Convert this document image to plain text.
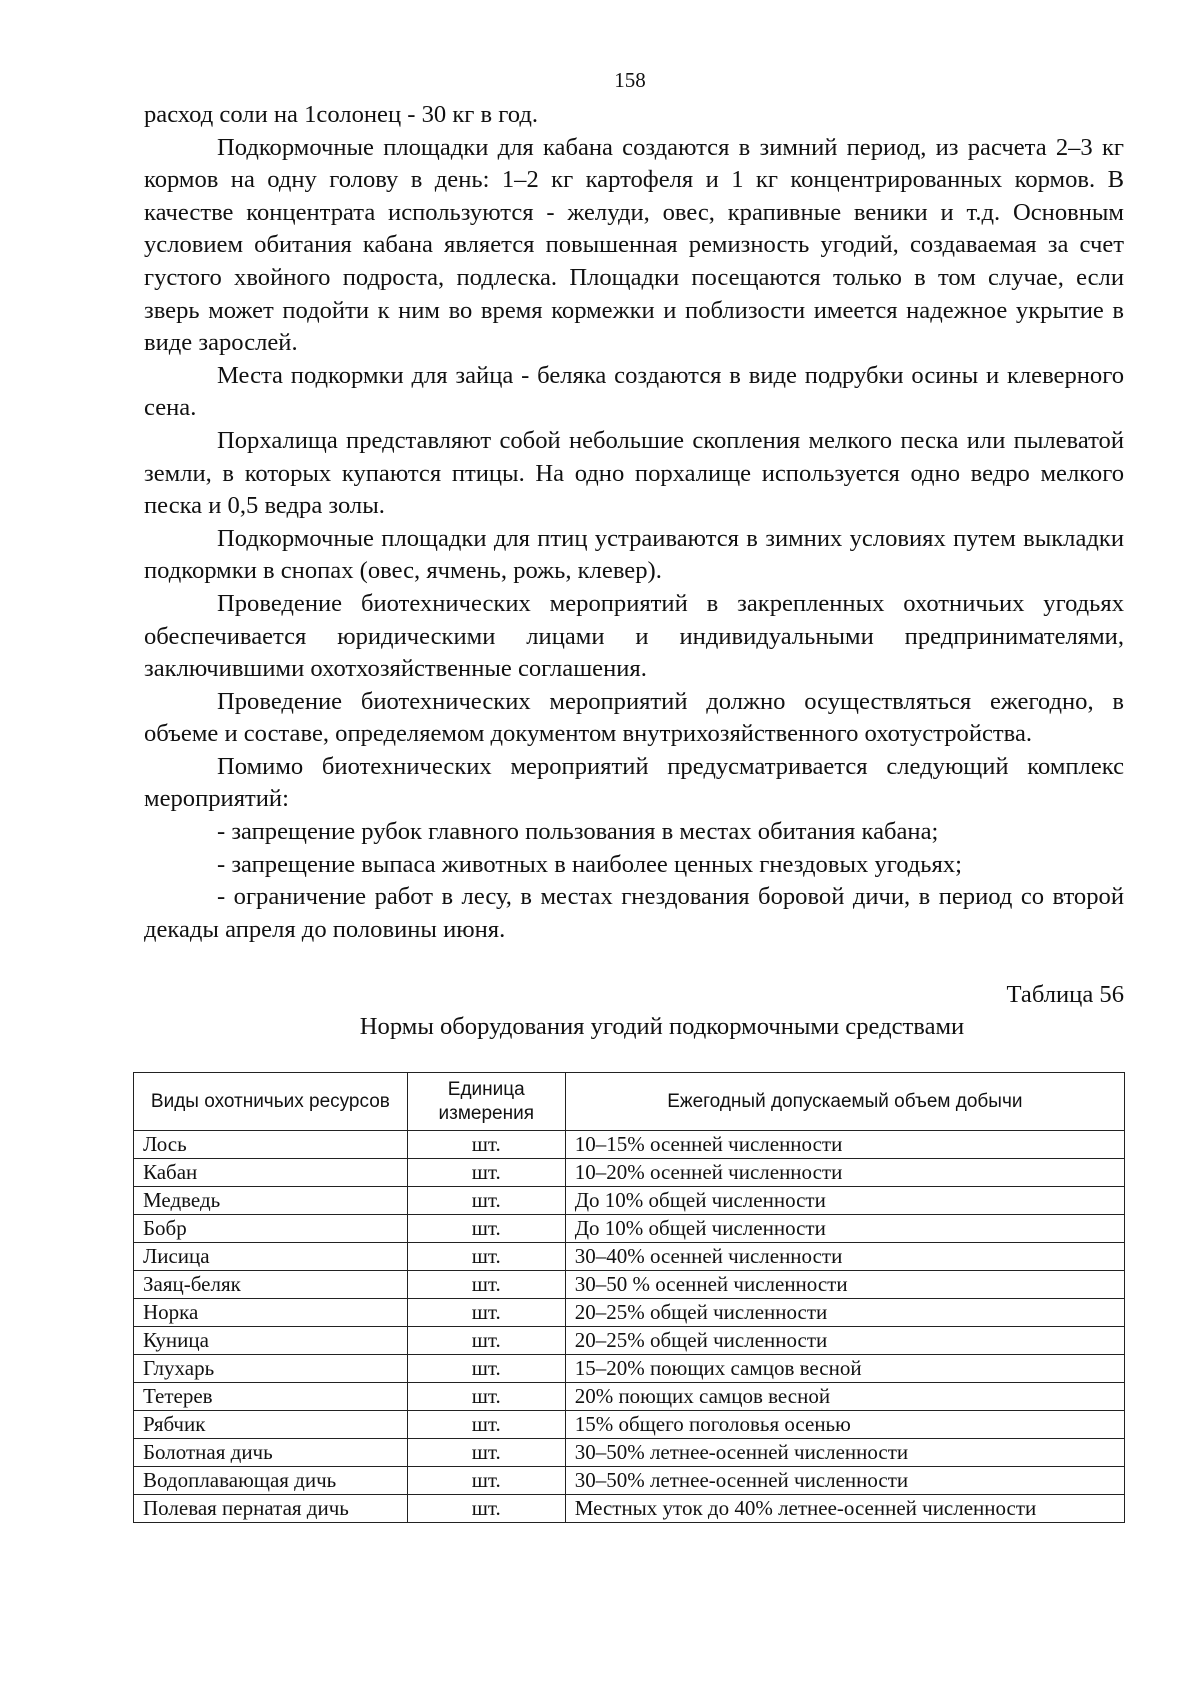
158

расход соли на 1солонец - 30 кг в год.

Подкормочные площадки для кабана создаются в зимний период, из расчета 2–3 кг кормов на одну голову в день: 1–2 кг картофеля и 1 кг концентрированных кормов. В качестве концентрата используются - желуди, овес, крапивные веники и т.д. Основным условием обитания кабана является повышенная ремизность угодий, создаваемая за счет густого хвойного подроста, подлеска. Площадки посещаются только в том случае, если зверь может подойти к ним во время кормежки и поблизости имеется надежное укрытие в виде зарослей.

Места подкормки для зайца - беляка создаются в виде подрубки осины и клеверного сена.

Порхалища представляют собой небольшие скопления мелкого песка или пылеватой земли, в которых купаются птицы. На одно порхалище используется одно ведро мелкого песка и 0,5 ведра золы.

Подкормочные площадки для птиц устраиваются в зимних условиях путем выкладки подкормки в снопах (овес, ячмень, рожь, клевер).

Проведение биотехнических мероприятий в закрепленных охотничьих угодьях обеспечивается юридическими лицами и индивидуальными предпринимателями, заключившими охотхозяйственные соглашения.

Проведение биотехнических мероприятий должно осуществляться ежегодно, в объеме и составе, определяемом документом внутрихозяйственного охотустройства.

Помимо биотехнических мероприятий предусматривается следующий комплекс мероприятий:

- запрещение рубок главного пользования в местах обитания кабана;

- запрещение выпаса животных в наиболее ценных гнездовых угодьях;

- ограничение работ в лесу, в местах гнездования боровой дичи, в период со второй декады апреля до половины июня.

Таблица 56
Нормы оборудования угодий подкормочными средствами
Виды охотничьих ресурсов	Единица измерения	Ежегодный допускаемый объем добычи
Лось	шт.	10–15% осенней численности
Кабан	шт.	10–20% осенней численности
Медведь	шт.	До 10% общей численности
Бобр	шт.	До 10% общей численности
Лисица	шт.	30–40% осенней численности
Заяц-беляк	шт.	30–50 % осенней численности
Норка	шт.	20–25% общей численности
Куница	шт.	20–25% общей численности
Глухарь	шт.	15–20% поющих самцов весной
Тетерев	шт.	20% поющих самцов весной
Рябчик	шт.	15% общего поголовья осенью
Болотная дичь	шт.	30–50% летнее-осенней численности
Водоплавающая дичь	шт.	30–50% летнее-осенней численности
Полевая пернатая дичь	шт.	Местных уток до 40% летнее-осенней численности
